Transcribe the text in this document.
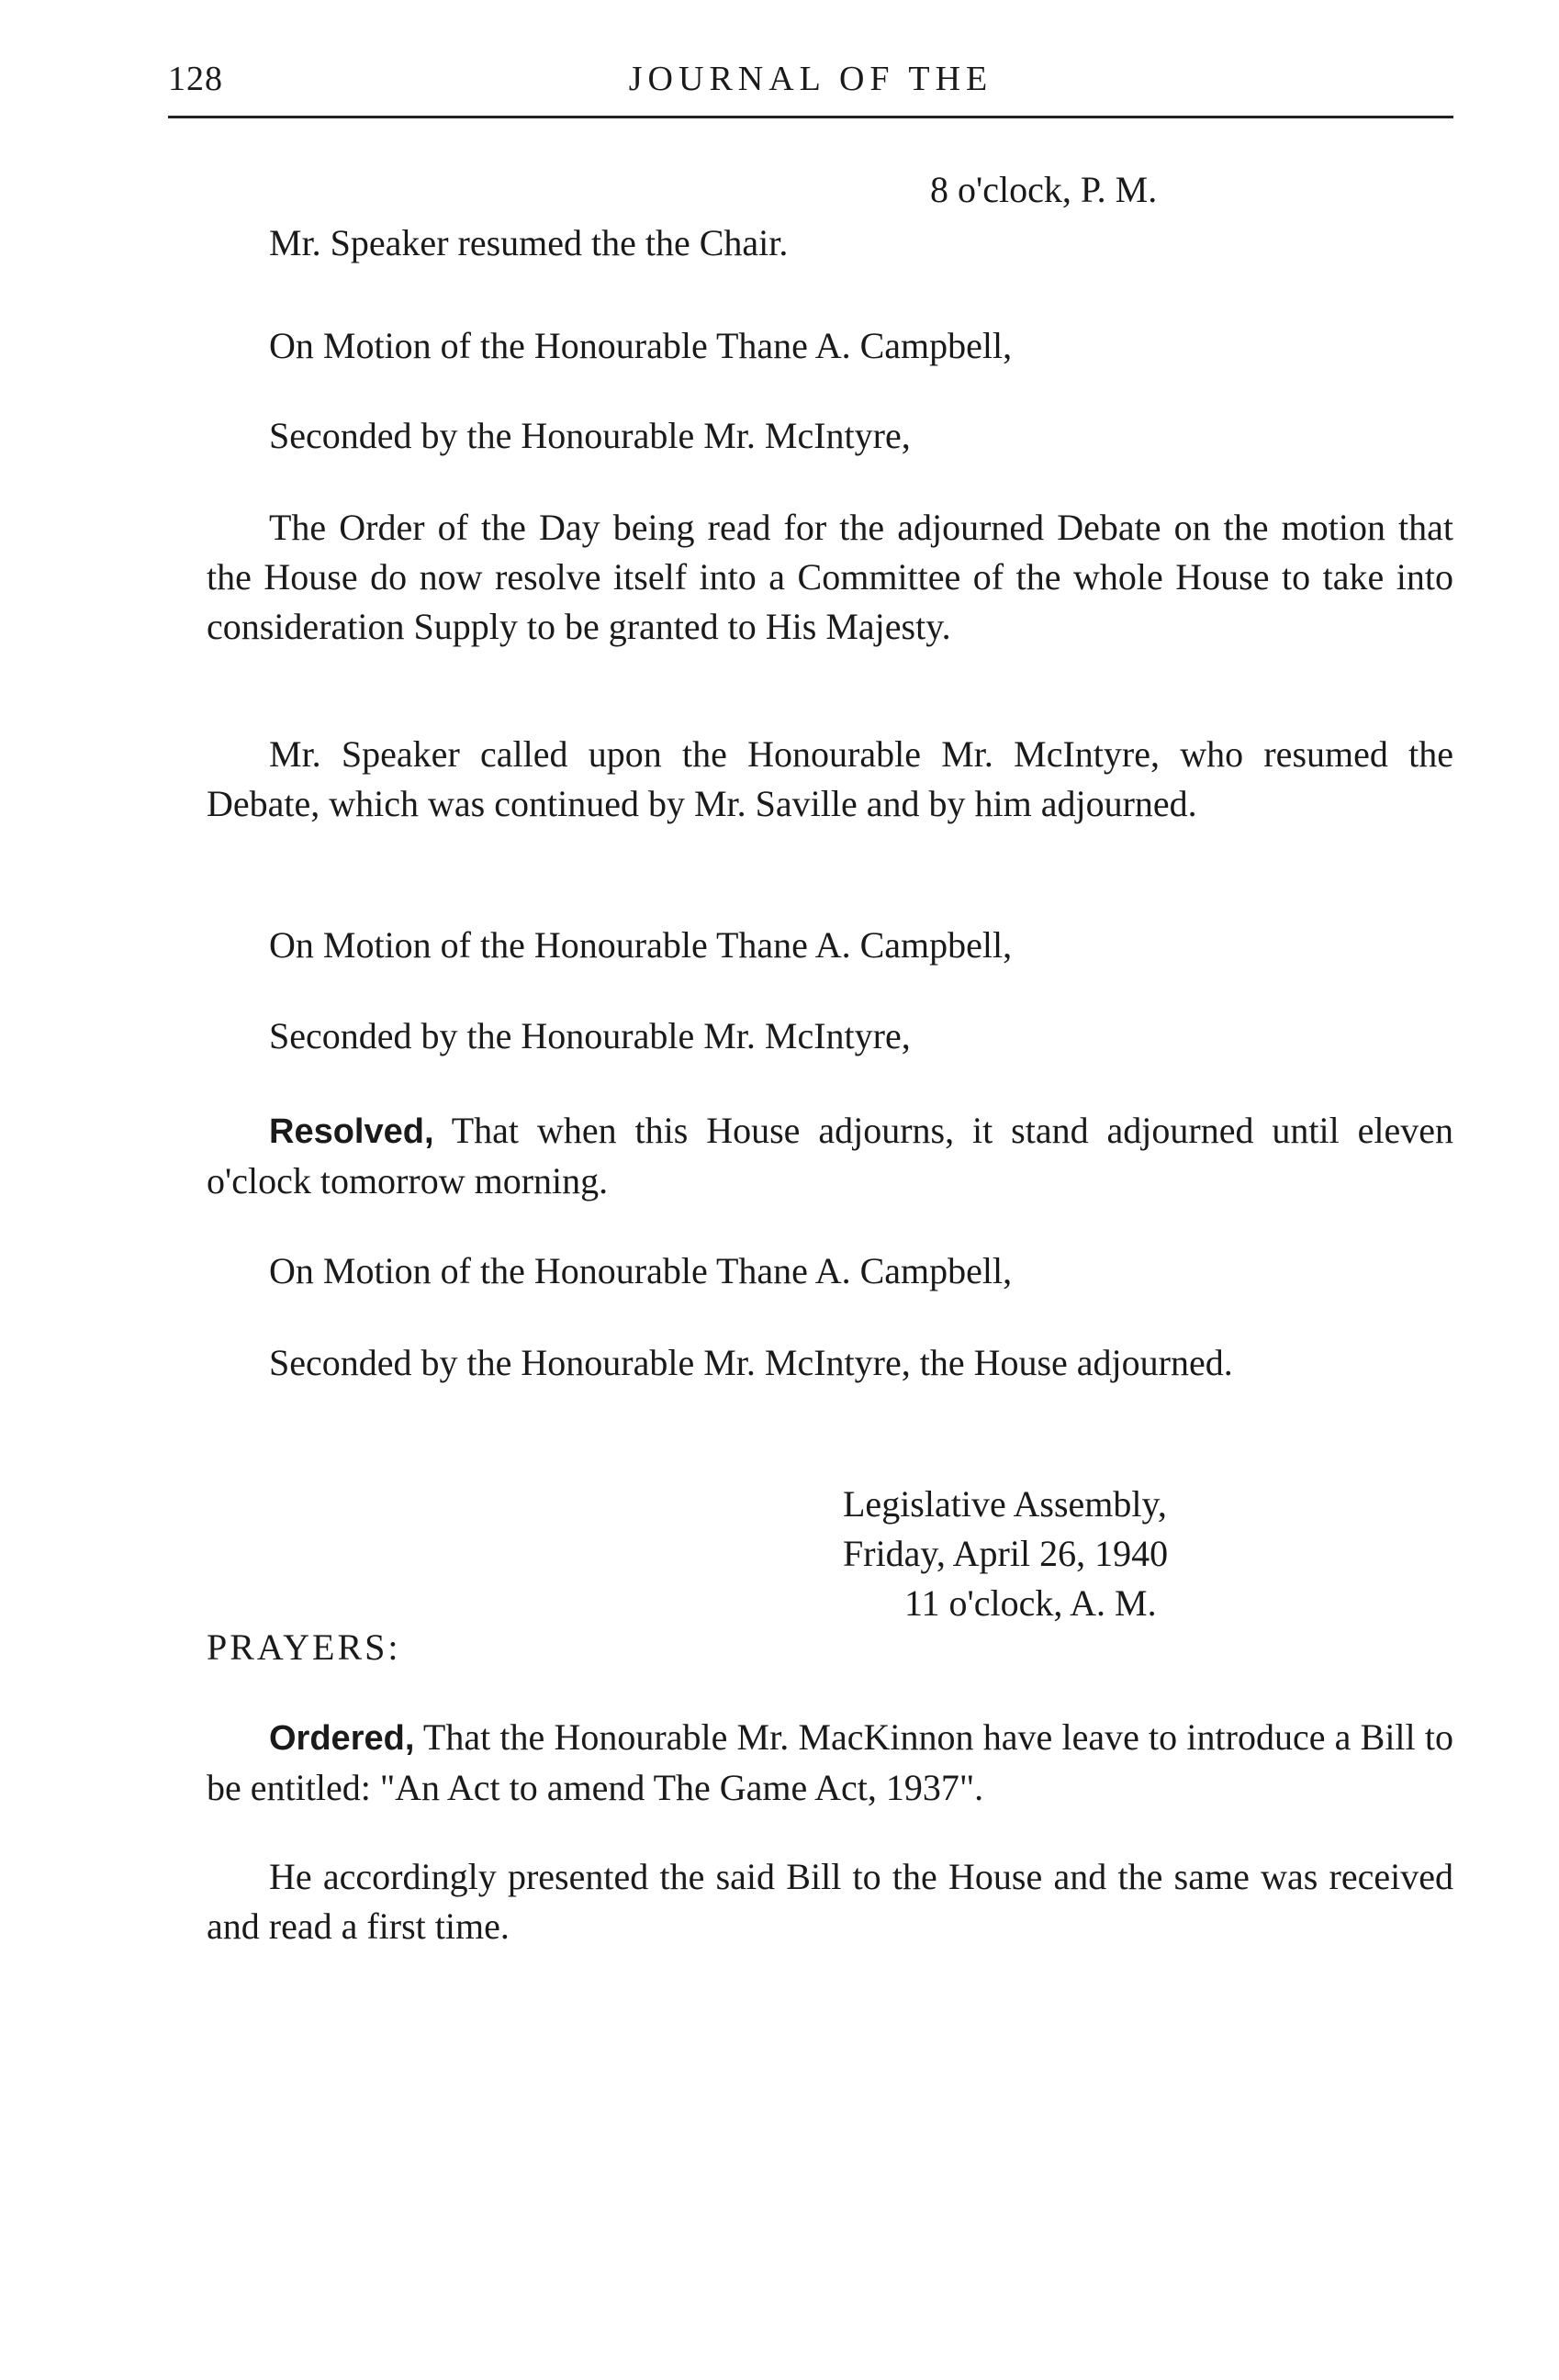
128	JOURNAL OF THE
8 o'clock, P. M.

Mr. Speaker resumed the the Chair.

On Motion of the Honourable Thane A. Campbell,

Seconded by the Honourable Mr. McIntyre,

The Order of the Day being read for the adjourned Debate on the motion that the House do now resolve itself into a Committee of the whole House to take into consideration Supply to be granted to His Majesty.

Mr. Speaker called upon the Honourable Mr. McIntyre, who resumed the Debate, which was continued by Mr. Saville and by him adjourned.

On Motion of the Honourable Thane A. Campbell,

Seconded by the Honourable Mr. McIntyre,

Resolved, That when this House adjourns, it stand adjourned until eleven o'clock tomorrow morning.

On Motion of the Honourable Thane A. Campbell,

Seconded by the Honourable Mr. McIntyre, the House adjourned.

Legislative Assembly,
Friday, April 26, 1940
11 o'clock, A. M.
PRAYERS:

Ordered, That the Honourable Mr. MacKinnon have leave to introduce a Bill to be entitled: "An Act to amend The Game Act, 1937".

He accordingly presented the said Bill to the House and the same was received and read a first time.
